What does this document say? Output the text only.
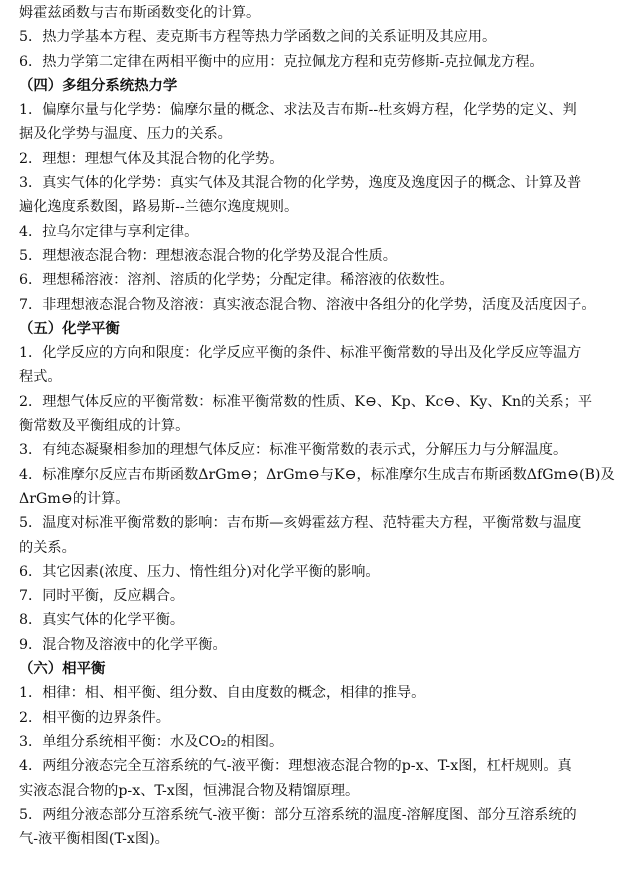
姆霍兹函数与吉布斯函数变化的计算。
5．热力学基本方程、麦克斯韦方程等热力学函数之间的关系证明及其应用。
6．热力学第二定律在两相平衡中的应用：克拉佩龙方程和克劳修斯-克拉佩龙方程。
（四）多组分系统热力学
1．偏摩尔量与化学势：偏摩尔量的概念、求法及吉布斯--杜亥姆方程，化学势的定义、判
据及化学势与温度、压力的关系。
2．理想：理想气体及其混合物的化学势。
3．真实气体的化学势：真实气体及其混合物的化学势，逸度及逸度因子的概念、计算及普
遍化逸度系数图，路易斯--兰德尔逸度规则。
4．拉乌尔定律与享利定律。
5．理想液态混合物：理想液态混合物的化学势及混合性质。
6．理想稀溶液：溶剂、溶质的化学势；分配定律。稀溶液的依数性。
7．非理想液态混合物及溶液：真实液态混合物、溶液中各组分的化学势，活度及活度因子。
（五）化学平衡
1．化学反应的方向和限度：化学反应平衡的条件、标准平衡常数的导出及化学反应等温方
程式。
2．理想气体反应的平衡常数：标准平衡常数的性质、K⊖、Kp、Kc⊖、Ky、Kn的关系；平
衡常数及平衡组成的计算。
3．有纯态凝聚相参加的理想气体反应：标准平衡常数的表示式，分解压力与分解温度。
4．标准摩尔反应吉布斯函数ΔrGm⊖；ΔrGm⊖与K⊖，标准摩尔生成吉布斯函数ΔfGm⊖(B)及
ΔrGm⊖的计算。
5．温度对标准平衡常数的影响：吉布斯—亥姆霍兹方程、范特霍夫方程，平衡常数与温度
的关系。
6．其它因素(浓度、压力、惰性组分)对化学平衡的影响。
7．同时平衡，反应耦合。
8．真实气体的化学平衡。
9．混合物及溶液中的化学平衡。
（六）相平衡
1．相律：相、相平衡、组分数、自由度数的概念，相律的推导。
2．相平衡的边界条件。
3．单组分系统相平衡：水及CO₂的相图。
4．两组分液态完全互溶系统的气-液平衡：理想液态混合物的p-x、T-x图，杠杆规则。真
实液态混合物的p-x、T-x图，恒沸混合物及精馏原理。
5．两组分液态部分互溶系统气-液平衡：部分互溶系统的温度-溶解度图、部分互溶系统的
气-液平衡相图(T-x图)。
